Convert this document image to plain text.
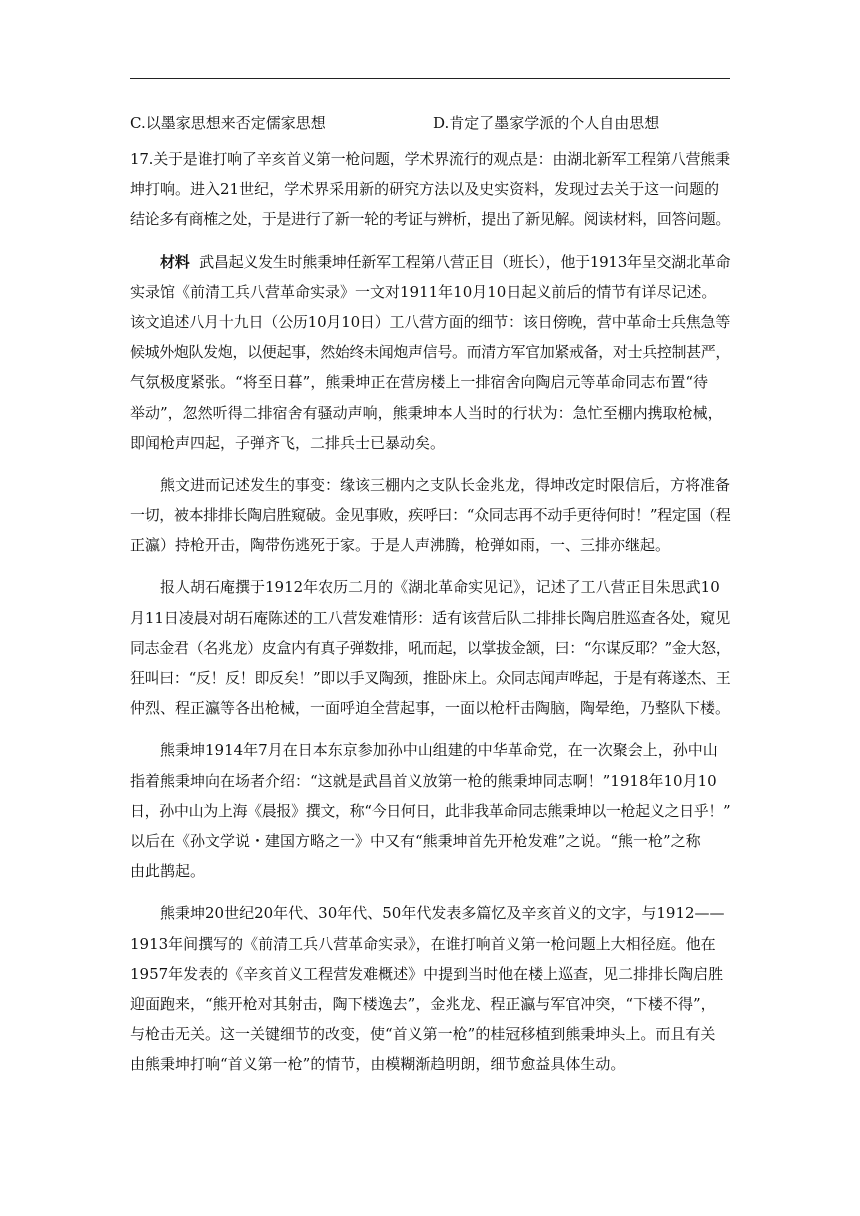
C.以墨家思想来否定儒家思想	D.肯定了墨家学派的个人自由思想
17.关于是谁打响了辛亥首义第一枪问题，学术界流行的观点是：由湖北新军工程第八营熊秉
坤打响。进入21世纪，学术界采用新的研究方法以及史实资料，发现过去关于这一问题的
结论多有商榷之处，于是进行了新一轮的考证与辨析，提出了新见解。阅读材料，回答问题。
材料
武昌起义发生时熊秉坤任新军工程第八营正目（班长），他于1913年呈交湖北革命
实录馆《前清工兵八营革命实录》一文对1911年10月10日起义前后的情节有详尽记述。
该文追述八月十九日（公历10月10日）工八营方面的细节：该日傍晚，营中革命士兵焦急等
候城外炮队发炮，以便起事，然始终未闻炮声信号。而清方军官加紧戒备，对士兵控制甚严，
气氛极度紧张。“将至日暮”，熊秉坤正在营房楼上一排宿舍向陶启元等革命同志布置“待
举动”，忽然听得二排宿舍有骚动声响，熊秉坤本人当时的行状为：急忙至棚内携取枪械，
即闻枪声四起，子弹齐飞，二排兵士已暴动矣。
熊文进而记述发生的事变：缘该三棚内之支队长金兆龙，得坤改定时限信后，方将准备
一切，被本排排长陶启胜窥破。金见事败，疾呼曰：“众同志再不动手更待何时！”程定国（程
正瀛）持枪开击，陶带伤逃死于家。于是人声沸腾，枪弹如雨，一、三排亦继起。
报人胡石庵撰于1912年农历二月的《湖北革命实见记》，记述了工八营正目朱思武10
月11日凌晨对胡石庵陈述的工八营发难情形：适有该营后队二排排长陶启胜巡查各处，窥见
同志金君（名兆龙）皮盒内有真子弹数排，吼而起，以掌拔金颔，曰：“尔谋反耶？”金大怒，
狂叫曰：“反！反！即反矣！”即以手叉陶颈，推卧床上。众同志闻声哗起，于是有蒋遂杰、王
仲烈、程正瀛等各出枪械，一面呼迫全营起事，一面以枪杆击陶脑，陶晕绝，乃整队下楼。
熊秉坤1914年7月在日本东京参加孙中山组建的中华革命党，在一次聚会上，孙中山
指着熊秉坤向在场者介绍：“这就是武昌首义放第一枪的熊秉坤同志啊！”1918年10月10
日，孙中山为上海《晨报》撰文，称“今日何日，此非我革命同志熊秉坤以一枪起义之日乎！”
以后在《孙文学说・建国方略之一》中又有“熊秉坤首先开枪发难”之说。“熊一枪”之称
由此鹊起。
熊秉坤20世纪20年代、30年代、50年代发表多篇忆及辛亥首义的文字，与1912——
1913年间撰写的《前清工兵八营革命实录》，在谁打响首义第一枪问题上大相径庭。他在
1957年发表的《辛亥首义工程营发难概述》中提到当时他在楼上巡查，见二排排长陶启胜
迎面跑来，“熊开枪对其射击，陶下楼逸去”，金兆龙、程正瀛与军官冲突，“下楼不得”，
与枪击无关。这一关键细节的改变，使“首义第一枪”的桂冠移植到熊秉坤头上。而且有关
由熊秉坤打响“首义第一枪”的情节，由模糊渐趋明朗，细节愈益具体生动。
